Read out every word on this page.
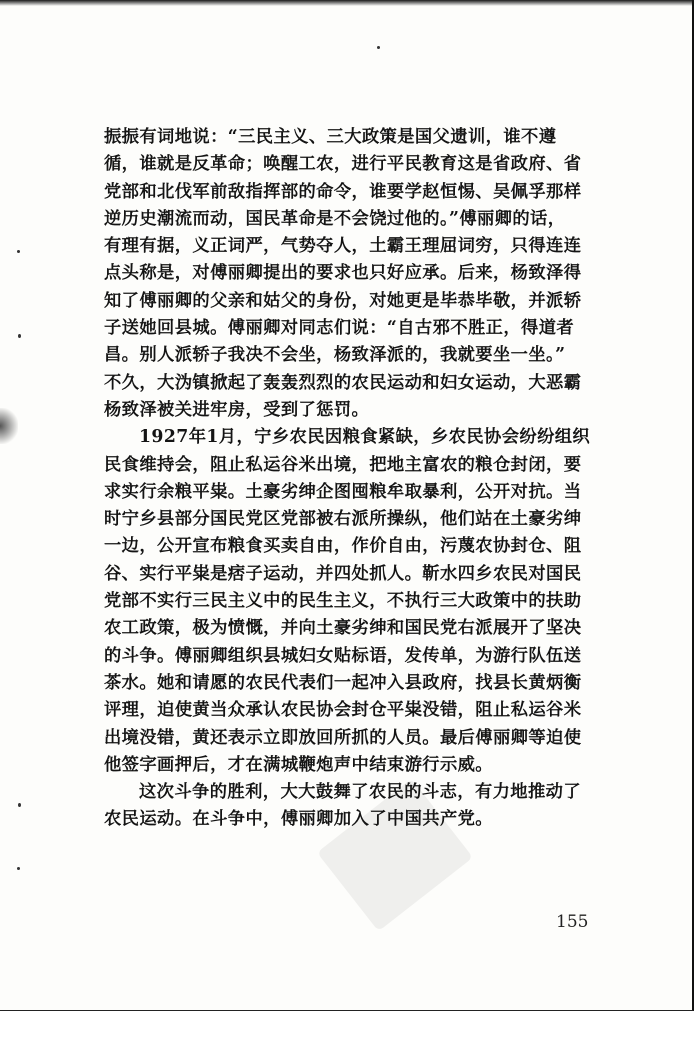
振振有词地说：“三民主义、三大政策是国父遗训，谁不遵
循，谁就是反革命；唤醒工农，进行平民教育这是省政府、省
党部和北伐军前敌指挥部的命令，谁要学赵恒惕、吴佩孚那样
逆历史潮流而动，国民革命是不会饶过他的。”傅丽卿的话，
有理有据，义正词严，气势夺人，土霸王理屈词穷，只得连连
点头称是，对傅丽卿提出的要求也只好应承。后来，杨致泽得
知了傅丽卿的父亲和姑父的身份，对她更是毕恭毕敬，并派轿
子送她回县城。傅丽卿对同志们说：“自古邪不胜正，得道者
昌。别人派轿子我决不会坐，杨致泽派的，我就要坐一坐。”
不久，大沩镇掀起了轰轰烈烈的农民运动和妇女运动，大恶霸
杨致泽被关进牢房，受到了惩罚。

1927年1月，宁乡农民因粮食紧缺，乡农民协会纷纷组织
民食维持会，阻止私运谷米出境，把地主富农的粮仓封闭，要
求实行余粮平粜。土豪劣绅企图囤粮牟取暴利，公开对抗。当
时宁乡县部分国民党区党部被右派所操纵，他们站在土豪劣绅
一边，公开宣布粮食买卖自由，作价自由，污蔑农协封仓、阻
谷、实行平粜是痞子运动，并四处抓人。靳水四乡农民对国民
党部不实行三民主义中的民生主义，不执行三大政策中的扶助
农工政策，极为愤慨，并向土豪劣绅和国民党右派展开了坚决
的斗争。傅丽卿组织县城妇女贴标语，发传单，为游行队伍送
茶水。她和请愿的农民代表们一起冲入县政府，找县长黄炳衡
评理，迫使黄当众承认农民协会封仓平粜没错，阻止私运谷米
出境没错，黄还表示立即放回所抓的人员。最后傅丽卿等迫使
他签字画押后，才在满城鞭炮声中结束游行示威。

这次斗争的胜利，大大鼓舞了农民的斗志，有力地推动了
农民运动。在斗争中，傅丽卿加入了中国共产党。

155
